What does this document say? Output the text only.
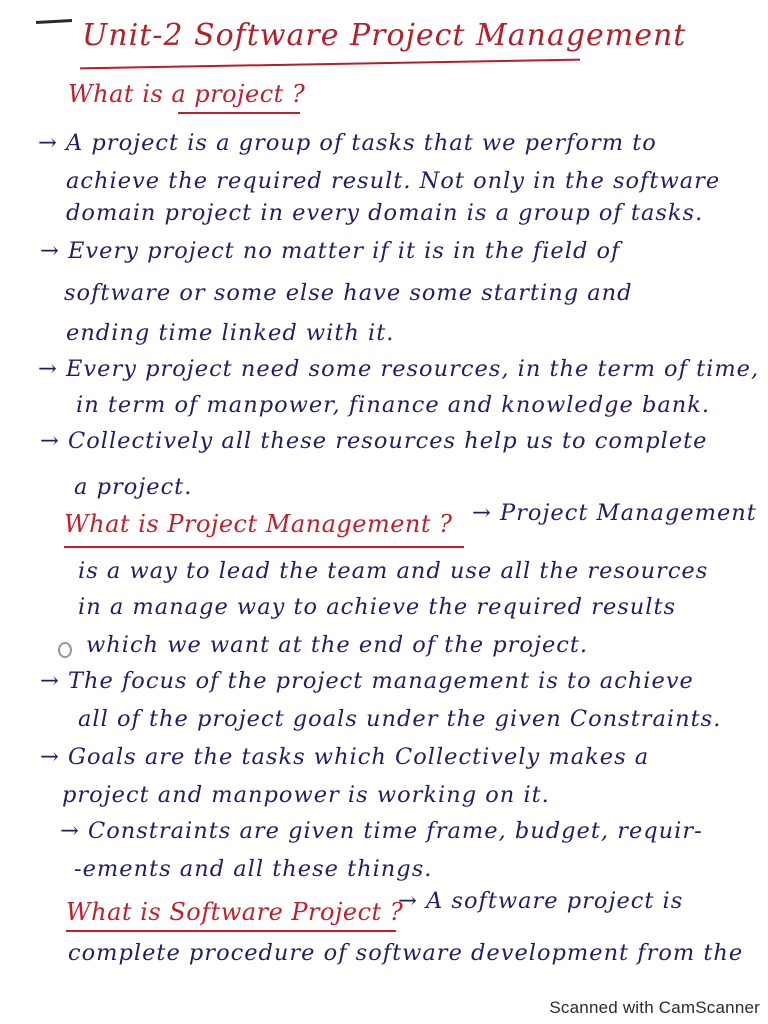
Unit-2 Software Project Management
What is a project ?
→ A project is a group of tasks that we perform to
achieve the required result. Not only in the software
domain project in every domain is a group of tasks.
→ Every project no matter if it is in the field of
software or some else have some starting and
ending time linked with it.
→ Every project need some resources, in the term of time,
in term of manpower, finance and knowledge bank.
→ Collectively all these resources help us to complete
a project.
What is Project Management ? → Project Management
is a way to lead the team and use all the resources
in a manage way to achieve the required results
which we want at the end of the project.
→ The focus of the project management is to achieve
all of the project goals under the given Constraints.
→ Goals are the tasks which Collectively makes a
project and manpower is working on it.
→ Constraints are given time frame, budget, requir-
-ements and all these things.
What is Software Project ?
→ A software project is
complete procedure of software development from the
Scanned with CamScanner
